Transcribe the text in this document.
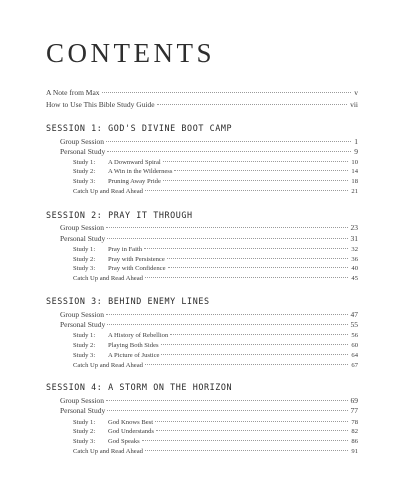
CONTENTS
A Note from Max	v
How to Use This Bible Study Guide	vii
SESSION 1: GOD'S DIVINE BOOT CAMP
Group Session	1
Personal Study	9
Study 1: A Downward Spiral	10
Study 2: A Win in the Wilderness	14
Study 3: Pruning Away Pride	18
Catch Up and Read Ahead	21
SESSION 2: PRAY IT THROUGH
Group Session	23
Personal Study	31
Study 1: Pray in Faith	32
Study 2: Pray with Persistence	36
Study 3: Pray with Confidence	40
Catch Up and Read Ahead	45
SESSION 3: BEHIND ENEMY LINES
Group Session	47
Personal Study	55
Study 1: A History of Rebellion	56
Study 2: Playing Both Sides	60
Study 3: A Picture of Justice	64
Catch Up and Read Ahead	67
SESSION 4: A STORM ON THE HORIZON
Group Session	69
Personal Study	77
Study 1: God Knows Best	78
Study 2: God Understands	82
Study 3: God Speaks	86
Catch Up and Read Ahead	91
